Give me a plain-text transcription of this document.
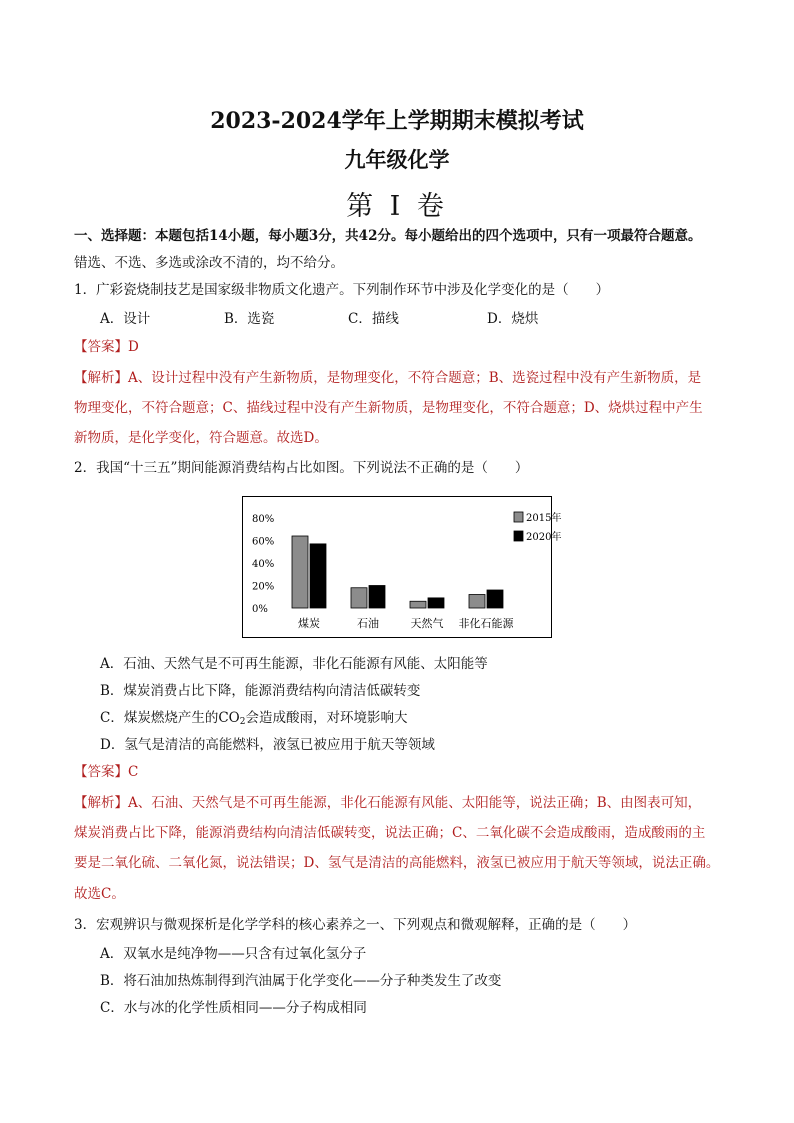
2023-2024学年上学期期末模拟考试
九年级化学
第 I 卷
一、选择题：本题包括14小题，每小题3分，共42分。每小题给出的四个选项中，只有一项最符合题意。
错选、不选、多选或涂改不清的，均不给分。
1．广彩瓷烧制技艺是国家级非物质文化遗产。下列制作环节中涉及化学变化的是（　　）
A．设计	B．选瓷	C．描线	D．烧烘
【答案】D
【解析】A、设计过程中没有产生新物质，是物理变化，不符合题意；B、选瓷过程中没有产生新物质，是
物理变化，不符合题意；C、描线过程中没有产生新物质，是物理变化，不符合题意；D、烧烘过程中产生
新物质，是化学变化，符合题意。故选D。
2．我国“十三五”期间能源消费结构占比如图。下列说法不正确的是（　　）
80%
60%
40%
20%
0%
煤炭	石油	天然气 非化石能源
2015年
2020年
A．石油、天然气是不可再生能源，非化石能源有风能、太阳能等
B．煤炭消费占比下降，能源消费结构向清洁低碳转变
C．煤炭燃烧产生的$CO_2$会造成酸雨，对环境影响大
D．氢气是清洁的高能燃料，液氢已被应用于航天等领域
【答案】C
【解析】A、石油、天然气是不可再生能源，非化石能源有风能、太阳能等，说法正确；B、由图表可知，
煤炭消费占比下降，能源消费结构向清洁低碳转变，说法正确；C、二氧化碳不会造成酸雨，造成酸雨的主
要是二氧化硫、二氧化氮，说法错误；D、氢气是清洁的高能燃料，液氢已被应用于航天等领域，说法正确。
故选C。
3．宏观辨识与微观探析是化学学科的核心素养之一、下列观点和微观解释，正确的是（　　）
A．双氧水是纯净物——只含有过氧化氢分子
B．将石油加热炼制得到汽油属于化学变化——分子种类发生了改变
C．水与冰的化学性质相同——分子构成相同
